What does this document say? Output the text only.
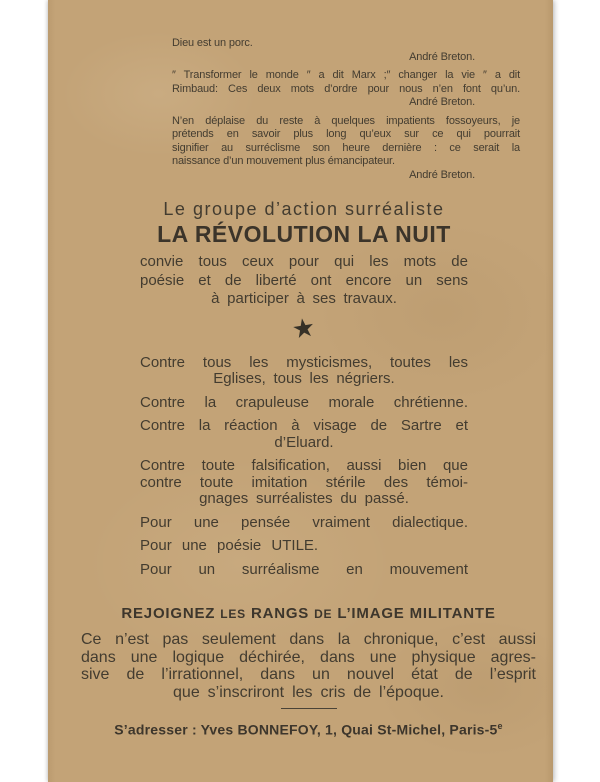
Dieu est un porc.

André Breton.

″ Transformer le monde ″ a dit Marx ;″ changer la vie ″ a dit

Rimbaud: Ces deux mots d’ordre pour nous n’en font qu’un.

André Breton.

N’en déplaise du reste à quelques impatients fossoyeurs, je

prétends en savoir plus long qu’eux sur ce qui pourrait

signifier au surréclisme son heure dernière : ce serait la

naissance d’un mouvement plus émancipateur.

André Breton.

Le groupe d’action surréaliste

LA RÉVOLUTION LA NUIT

convie tous ceux pour qui les mots de

poésie et de liberté ont encore un sens

à participer à ses travaux.

★

Contre tous les mysticismes, toutes les

Eglises, tous les négriers.

Contre la crapuleuse morale chrétienne.

Contre la réaction à visage de Sartre et

d’Eluard.

Contre toute falsification, aussi bien que

contre toute imitation stérile des témoi-

gnages surréalistes du passé.

Pour une pensée vraiment dialectique.

Pour une poésie UTILE.

Pour un surréalisme en mouvement

REJOIGNEZ LES RANGS DE L’IMAGE MILITANTE

Ce n’est pas seulement dans la chronique, c’est aussi

dans une logique déchirée, dans une physique agres-

sive de l’irrationnel, dans un nouvel état de l’esprit

que s’inscriront les cris de l’époque.

S’adresser : Yves BONNEFOY, 1, Quai St-Michel, Paris-5e
